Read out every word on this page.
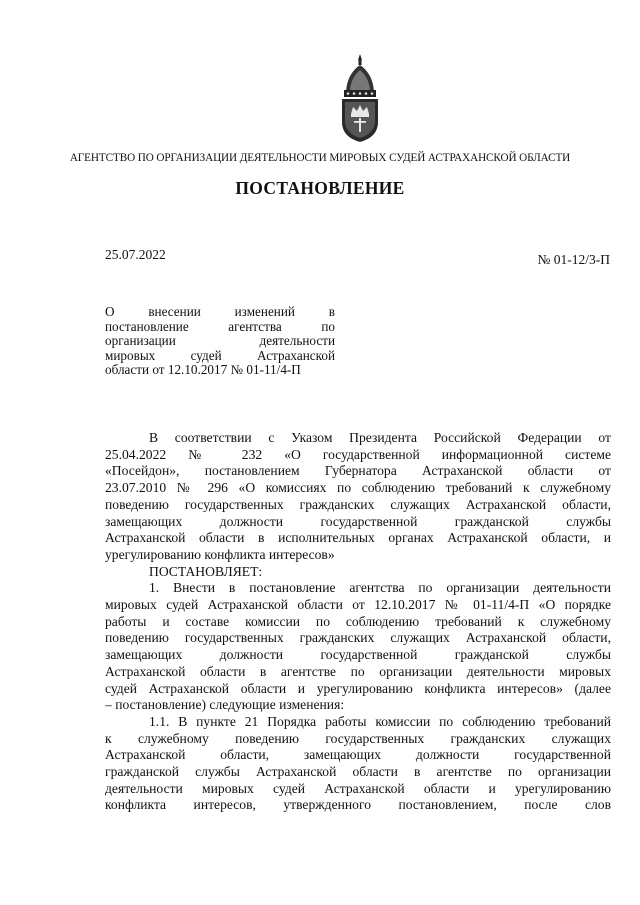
АГЕНТСТВО ПО ОРГАНИЗАЦИИ ДЕЯТЕЛЬНОСТИ МИРОВЫХ СУДЕЙ АСТРАХАНСКОЙ ОБЛАСТИ
ПОСТАНОВЛЕНИЕ
25.07.2022	№ 01-12/3-П
О внесении изменений в
постановление агентства по
организации деятельности
мировых судей Астраханской
области от 12.10.2017 № 01-11/4-П

В соответствии с Указом Президента Российской Федерации от
25.04.2022 № 232 «О государственной информационной системе
«Посейдон», постановлением Губернатора Астраханской области от
23.07.2010 № 296 «О комиссиях по соблюдению требований к служебному
поведению государственных гражданских служащих Астраханской области,
замещающих должности государственной гражданской службы
Астраханской области в исполнительных органах Астраханской области, и
урегулированию конфликта интересов»

ПОСТАНОВЛЯЕТ:

1. Внести в постановление агентства по организации деятельности
мировых судей Астраханской области от 12.10.2017 № 01-11/4-П «О порядке
работы и составе комиссии по соблюдению требований к служебному
поведению государственных гражданских служащих Астраханской области,
замещающих должности государственной гражданской службы
Астраханской области в агентстве по организации деятельности мировых
судей Астраханской области и урегулированию конфликта интересов» (далее
– постановление) следующие изменения:

1.1. В пункте 21 Порядка работы комиссии по соблюдению требований
к служебному поведению государственных гражданских служащих
Астраханской области, замещающих должности государственной
гражданской службы Астраханской области в агентстве по организации
деятельности мировых судей Астраханской области и урегулированию
конфликта интересов, утвержденного постановлением, после слов
